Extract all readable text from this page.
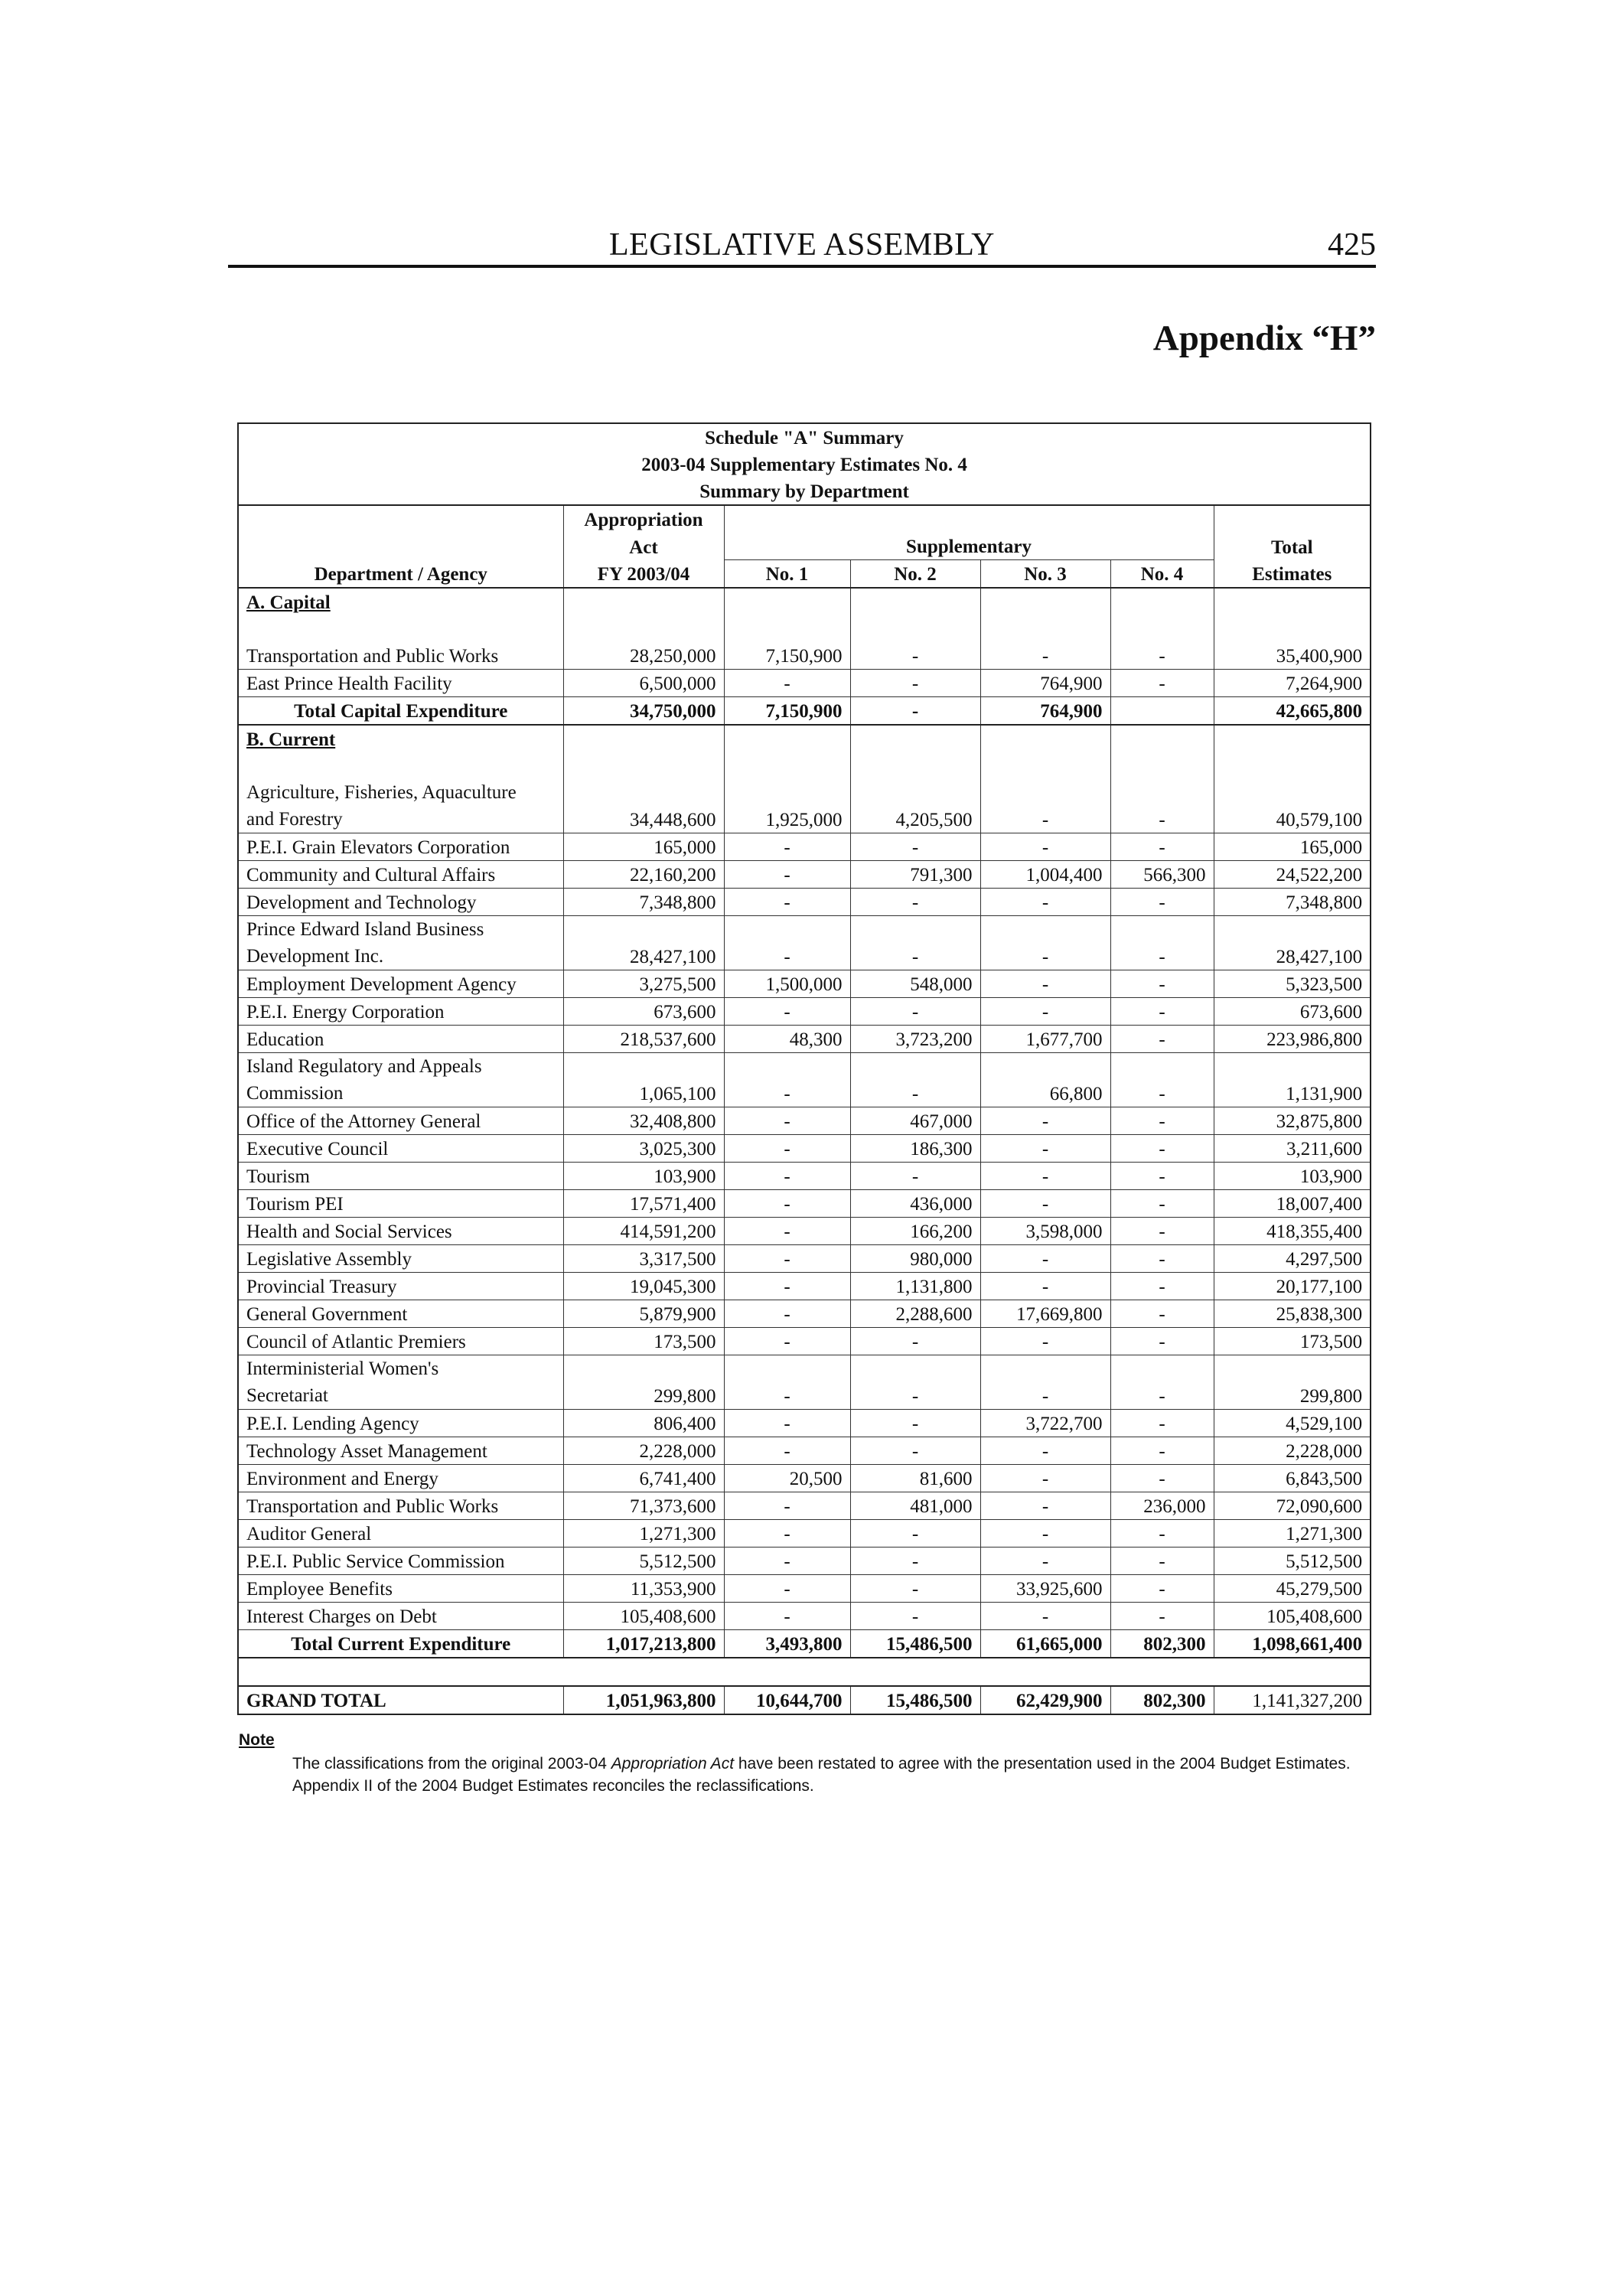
LEGISLATIVE ASSEMBLY	425
Appendix “H”
Schedule "A" Summary						
2003-04 Supplementary Estimates No. 4						
Summary by Department						
	Appropriation					
	Act	Supplementary				Total
Department / Agency	FY 2003/04	No. 1	No. 2	No. 3	No. 4	Estimates
A. Capital						

Transportation and Public Works	28,250,000	7,150,900	-	-	-	35,400,900
East Prince Health Facility	6,500,000	-	-	764,900	-	7,264,900
Total Capital Expenditure	34,750,000	7,150,900	-	764,900		42,665,800
B. Current						

Agriculture, Fisheries, Aquaculture
and Forestry	34,448,600	1,925,000	4,205,500	-	-	40,579,100
P.E.I. Grain Elevators Corporation	165,000	-	-	-	-	165,000
Community and Cultural Affairs	22,160,200	-	791,300	1,004,400	566,300	24,522,200
Development and Technology	7,348,800	-	-	-	-	7,348,800
Prince Edward Island Business
Development Inc.	28,427,100	-	-	-	-	28,427,100
Employment Development Agency	3,275,500	1,500,000	548,000	-	-	5,323,500
P.E.I. Energy Corporation	673,600	-	-	-	-	673,600
Education	218,537,600	48,300	3,723,200	1,677,700	-	223,986,800
Island Regulatory and Appeals
Commission	1,065,100	-	-	66,800	-	1,131,900
Office of the Attorney General	32,408,800	-	467,000	-	-	32,875,800
Executive Council	3,025,300	-	186,300	-	-	3,211,600
Tourism	103,900	-	-	-	-	103,900
Tourism PEI	17,571,400	-	436,000	-	-	18,007,400
Health and Social Services	414,591,200	-	166,200	3,598,000	-	418,355,400
Legislative Assembly	3,317,500	-	980,000	-	-	4,297,500
Provincial Treasury	19,045,300	-	1,131,800	-	-	20,177,100
General Government	5,879,900	-	2,288,600	17,669,800	-	25,838,300
Council of Atlantic Premiers	173,500	-	-	-	-	173,500
Interministerial Women's
Secretariat	299,800	-	-	-	-	299,800
P.E.I. Lending Agency	806,400	-	-	3,722,700	-	4,529,100
Technology Asset Management	2,228,000	-	-	-	-	2,228,000
Environment and Energy	6,741,400	20,500	81,600	-	-	6,843,500
Transportation and Public Works	71,373,600	-	481,000	-	236,000	72,090,600
Auditor General	1,271,300	-	-	-	-	1,271,300
P.E.I. Public Service Commission	5,512,500	-	-	-	-	5,512,500
Employee Benefits	11,353,900	-	-	33,925,600	-	45,279,500
Interest Charges on Debt	105,408,600	-	-	-	-	105,408,600
Total Current Expenditure	1,017,213,800	3,493,800	15,486,500	61,665,000	802,300	1,098,661,400

GRAND TOTAL	1,051,963,800	10,644,700	15,486,500	62,429,900	802,300	1,141,327,200
Note
The classifications from the original 2003-04 Appropriation Act have been restated to agree with the presentation used in the 2004 Budget Estimates. Appendix II of the 2004 Budget Estimates reconciles the reclassifications.
